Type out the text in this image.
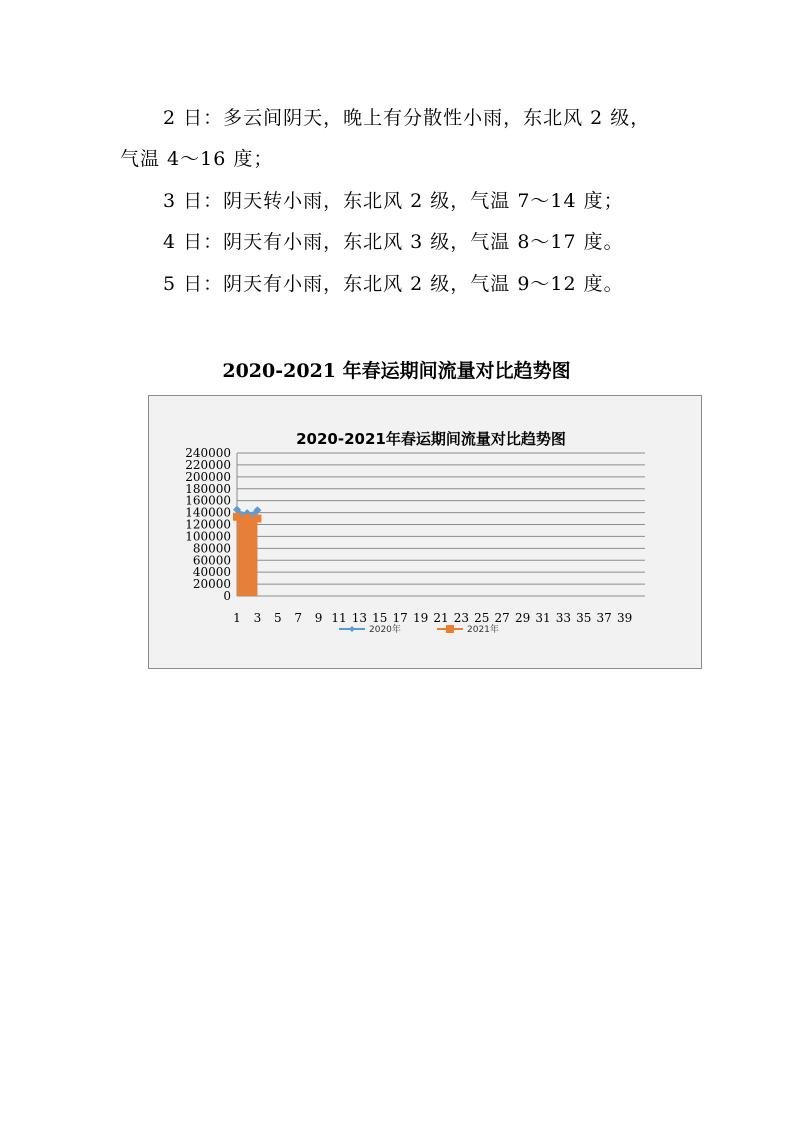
2 日：多云间阴天，晚上有分散性小雨，东北风 2 级，
气温 4～16 度；
3 日：阴天转小雨，东北风 2 级，气温 7～14 度；
4 日：阴天有小雨，东北风 3 级，气温 8～17 度。
5 日：阴天有小雨，东北风 2 级，气温 9～12 度。
2020-2021 年春运期间流量对比趋势图
2020-2021年春运期间流量对比趋势图
0
20000
40000
60000
80000
100000
120000
140000
160000
180000
200000
220000
240000
1 3 5 7 9 11 13 15 17 19 21 23 25 27 29 31 33 35 37 39
2020年	2021年
